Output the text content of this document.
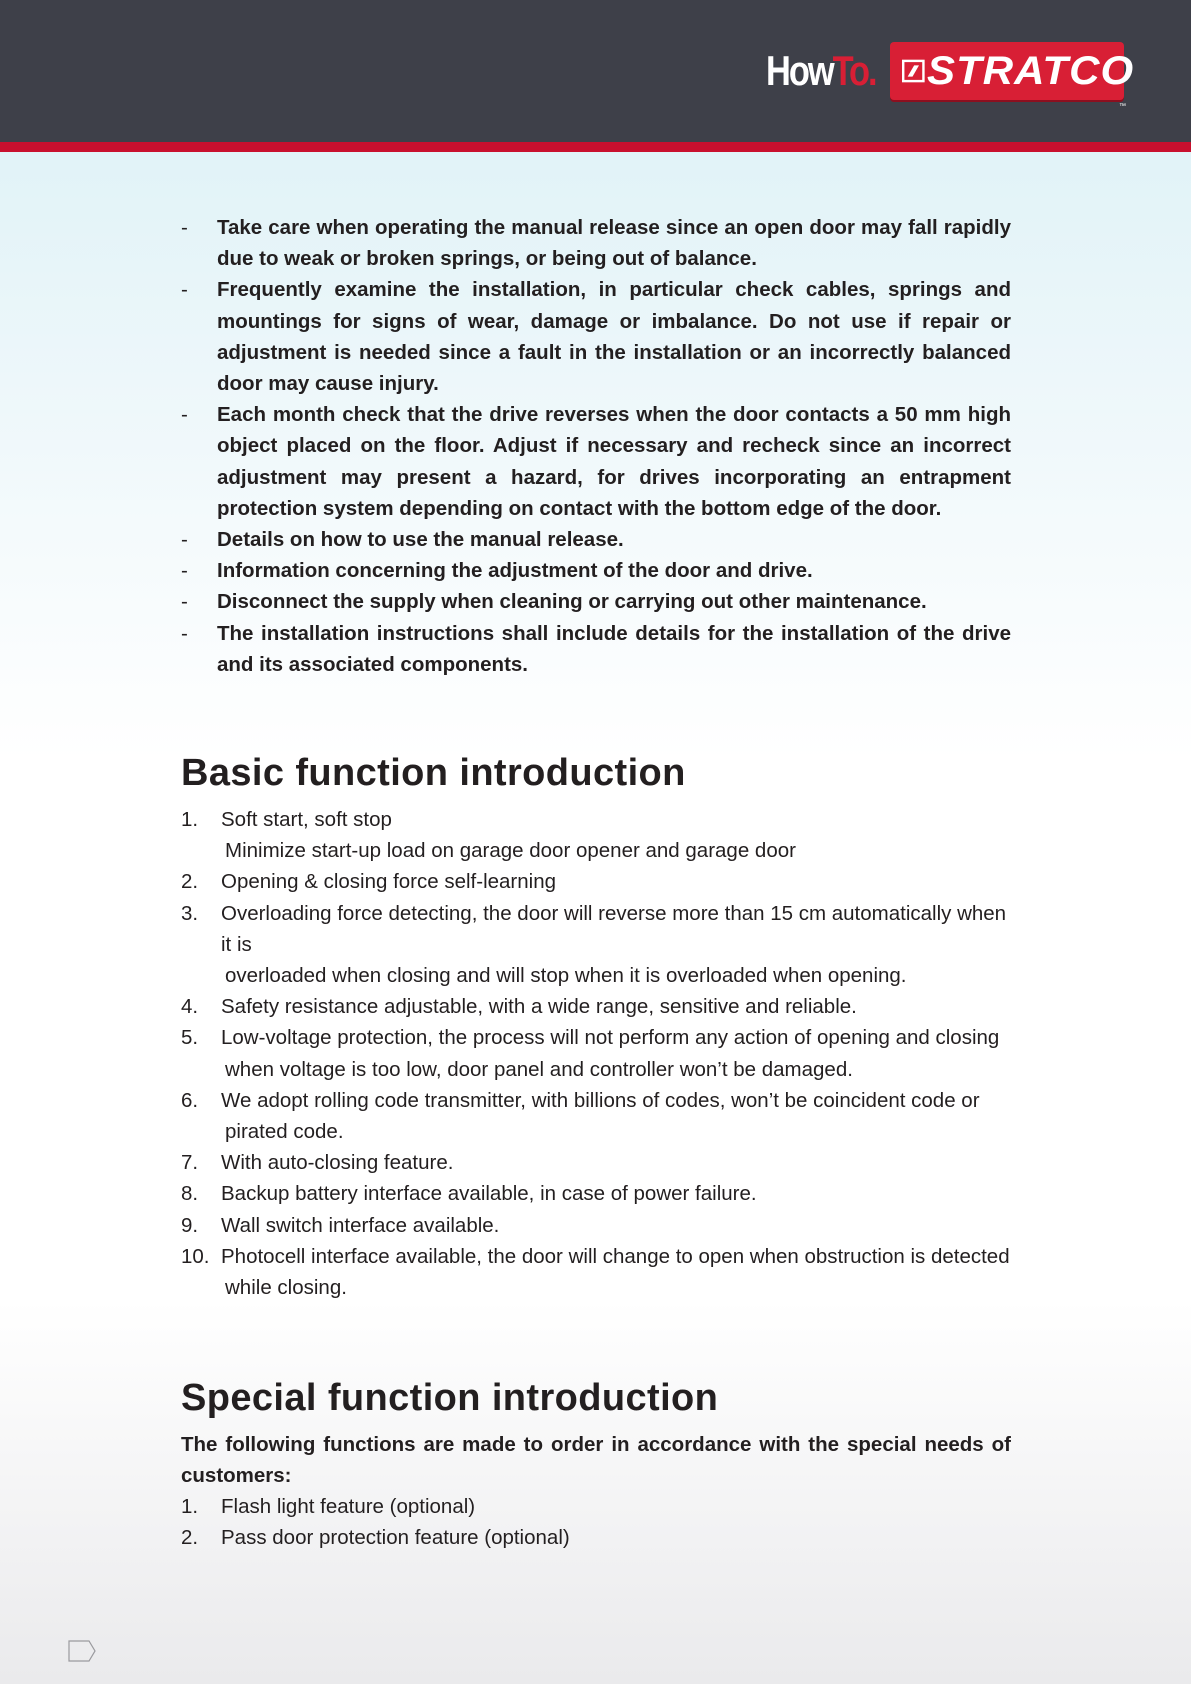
HowTo. STRATCO
™
- Take care when operating the manual release since an open door may fall rapidly due to weak or broken springs, or being out of balance.
- Frequently examine the installation, in particular check cables, springs and mountings for signs of wear, damage or imbalance. Do not use if repair or adjustment is needed since a fault in the installation or an incorrectly balanced door may cause injury.
- Each month check that the drive reverses when the door contacts a 50 mm high object placed on the floor. Adjust if necessary and recheck since an incorrect adjustment may present a hazard, for drives incorporating an entrapment protection system depending on contact with the bottom edge of the door.
- Details on how to use the manual release.
- Information concerning the adjustment of the door and drive.
- Disconnect the supply when cleaning or carrying out other maintenance.
- The installation instructions shall include details for the installation of the drive and its associated components.
Basic function introduction
1. Soft start, soft stop
Minimize start-up load on garage door opener and garage door
2. Opening & closing force self-learning
3. Overloading force detecting, the door will reverse more than 15 cm automatically when it is
overloaded when closing and will stop when it is overloaded when opening.
4. Safety resistance adjustable, with a wide range, sensitive and reliable.
5. Low-voltage protection, the process will not perform any action of opening and closing
when voltage is too low, door panel and controller won’t be damaged.
6. We adopt rolling code transmitter, with billions of codes, won’t be coincident code or
pirated code.
7. With auto-closing feature.
8. Backup battery interface available, in case of power failure.
9. Wall switch interface available.
10. Photocell interface available, the door will change to open when obstruction is detected
while closing.
Special function introduction

The following functions are made to order in accordance with the special needs of customers:

1. Flash light feature (optional)
2. Pass door protection feature (optional)
